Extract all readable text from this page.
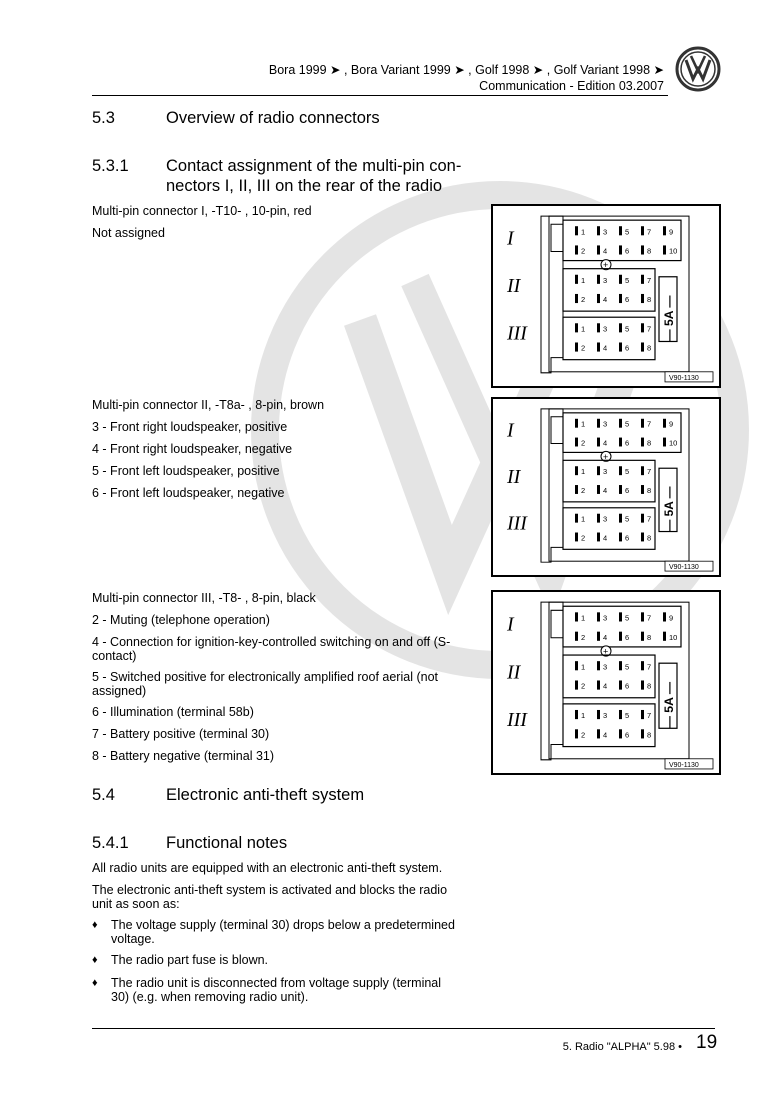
Bora 1999 ➤ , Bora Variant 1999 ➤ , Golf 1998 ➤ , Golf Variant 1998 ➤
Communication - Edition 03.2007
5.3	Overview of radio connectors
5.3.1 Contact assignment of the multi-pin con-
nectors I, II, III on the rear of the radio
Multi-pin connector I, -T10- , 10-pin, red
Not assigned
Multi-pin connector II, -T8a- , 8-pin, brown
3 - Front right loudspeaker, positive
4 - Front right loudspeaker, negative
5 - Front left loudspeaker, positive
6 - Front left loudspeaker, negative
Multi-pin connector III, -T8- , 8-pin, black
2 - Muting (telephone operation)
4 - Connection for ignition-key-controlled switching on and off (S-
contact)
5 - Switched positive for electronically amplified roof aerial (not
assigned)
6 - Illumination (terminal 58b)
7 - Battery positive (terminal 30)
8 - Battery negative (terminal 31)
I
II
III
1 3 5 7 9
2 4 6 8 10
+
1 3 5 7
2 4 6 8
1 3 5 7
2 4 6 8
— 5A —
V90-1130
I
II
III
1 3 5 7 9
2 4 6 8 10
+
1 3 5 7
2 4 6 8
1 3 5 7
2 4 6 8
— 5A —
V90-1130
I
II
III
1 3 5 7 9
2 4 6 8 10
+
1 3 5 7
2 4 6 8
1 3 5 7
2 4 6 8
— 5A —
V90-1130
5.4	Electronic anti-theft system
5.4.1 Functional notes
All radio units are equipped with an electronic anti-theft system.
The electronic anti-theft system is activated and blocks the radio
unit as soon as:
♦ The voltage supply (terminal 30) drops below a predetermined
voltage.
♦ The radio part fuse is blown.
♦ The radio unit is disconnected from voltage supply (terminal
30) (e.g. when removing radio unit).
5. Radio "ALPHA" 5.98 • 19
